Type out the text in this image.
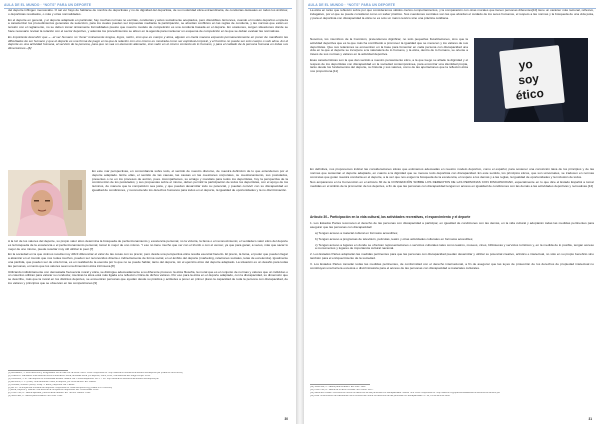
AULA DE EL MUNDO · “NOTS” PARA UN DEPORTE

del deporte inflingen menoscabo. O sal ver hays de hablarse de nombre de deportistas y no de dignidad del deportista, de su moderidad ética extraordinaria, de conductas desleales en todos los ámbitos; o deportistas resultados, o más y otras normalidades.

En el deporte en general, y el deporte adaptado en particular, hay muchas normas no escritas, conductas y actos socialmente aceptados, pero discutibles. Entonces, cuando el modelo deportivo empieza a caracterizar los procedimientos generales de selección, para los cuales pueden ser impuestas mediante la participación, se abordan conflictos en las reglas de conducta, y las normas que están en tensión con el reglamento, no se deben tomar únicamente formalidades puesto que nuestro modelo de competición es una conducta basada en el deporte. En ocasiones, surgen situaciones donde se hace necesario revisar la relación con el sector deportivo, y además los procedimientos se abren en la agenda para mantener un esquema de competición en la que se deban evaluar las normativas.

Es importante descubrir que «...el ser humano no “tiene” únicamente lengua, logos, razón, sino que es cuerpo y alma, alguien en cierta manera expuesto permanentemente en poner de manifiesto las dificultades de ser humano y que el deporte es una forma de juego en la que la relación con uno mismo es mostrada como ser espiritual-corporal, y el hombre no puede ser solo cuerpo o solo alma. Así el deporte es una actividad humana, al servicio de la persona, para que no sea un elemento alienante, sino valor en el mismo contexto de lo humano, y para el cuidado de la persona humana en todas sus dimensiones.»[6]

En este mar perspectivas, en concordancia sobre todo, el sentido de nuestro discurso, de nuestra definición de lo que entendemos por el deporte adaptado. Entre ellas, el sentido de las causas, las causas en las cuestiones corporales, su cuestionamiento, sus postulados, presentes o no en los procesos de acción, pues. Acompañamos, su arraigo y mandato para todos los deportistas, hoy la perspectiva de la construcción de los postulados; y sus propuestas sobre el mismo, deben permitir la participación de todos los deportistas, con el apoyo de los técnicos, de manera que la competición sea justa, y que puedan desarrollar todo su potencial, y puedan convivir con su discapacidad en igualdad de condiciones, y reconociendo los derechos humanos para todos en el deporte, la igualdad de oportunidades y la no discriminación.

A la luz de los valores del deporte, su propio valor ético determina la búsqueda de perfeccionamiento y excelencia personal, no la victoria, la fama o el reconocimiento; el verdadero valor ético del deporte es la búsqueda de la excelencia o el perfeccionamiento personal, tomar lo mejor de uno mismo. Y eso no tiene mucho que ver con el triunfo o con el vencer, ya que para ganar, a veces, más que sacar lo mejor de uno mismo, puede resultar muy útil utilizar lo peor.[7]

En la sociedad en la que vivimos resulta muy difícil diferenciar el valor de las cosas con su precio; pero desde una perspectiva ética resulta esencial hacerlo. El precio, la fama, el poder que pueden llegar a alcanzar en el mundo que nos rodea muchos, pueden ser reconocidos directa o indirectamente de forma social, en el ámbito del deporte (marketing, relaciones sociales, tetas de excelencia). Igualmente una pérdida, que pueden ser de otra forma, es en realidad de la esencia por lo que no se puede hablar, tanto del deporte, sin el ejercicio ético del deporte adaptado. La situación es un desafío para todas las personas, en tanto que los valores sean una dimensión ética intrínseca.[8]

Utilizando indistintamente con demasiada frecuencia moral y ética, se distingue adecuadamente a su diferente proceso: la ética filosofía, la moral que es el conjunto de normas y valores que un individuo o un colectivo utilizan para valorar su conducta; mientras la ética está más ligada a la reflexión crítica de dichos valores. Por eso para la ética en el deporte adaptado, con la discapacidad, su dimensión que se describe, más que la moral en los distintos deportes, se encuentran personas que ayudan desde su práctica y actitudes a poner en primer plano la capacidad de toda la persona con discapacidad, de los valores y principios que se observan en las competiciones.[9]

[1] BARBERO, J. «Los derechos y la dignidad». En EI DEPORTE ADAPTADO. 2008. Disponible en: http://www.arvo.net/documentos/archivo/deporte.pdf (citado el 09/05/2014)

[2] UNESCO: Manifiesto Internacional sobre la educación física, actividad física y el deporte, París, 2011, Internacional del Juego Limpio. 2011.

[3] CAGIGAL, J. M.: «El deporte en la sociedad actual». Madrid: Ed. Prensa Española. 1975. Y en: http://www.arvo.net/documentos/archivo/deporte.pdf

[4] ARNOLD, P. J. (1991): «La educación física, el deporte y el movimiento». Ed. Paidós.

[5] GOMEZ, Rodolfo (1994): «Cap. 1: Ética y deporte». Ed. Paidós.

[6] AA.VV.: «Perspectiva humana del deporte». Disponible en: www.olimpismo.org (citado el 17/05/2014)

[7] Ética, Deporte y Valores. «La ética de la competición deportiva». Ed. Universidad. 2010.

[8] CORTINA, A.: «Ética aplicada y democracia radical». Ed. Tecnos. Madrid. 1993.

[9] SAVATER, F.: «Ética para Amador». Ed. Ariel. 1991.

30
AULA DE EL MUNDO · “NOTS” PARA UN DEPORTE

La ética en tanto que reflexión sobre por qué consideramos válidos ciertos comportamientos, y la comparación con otras morales que tienen personas diferentes[10] tiene un carácter más racional, reflexivo, indagativo, por el que se puede considerar como un saber práctico. Sus cuestiones centrales son las que abordan el cuidado de los seres humanos, el respeto a las normas y la búsqueda de una vida justa, y para el deportista con discapacidad la ética no es solo un marco teórico sino una práctica cotidiana.

Nosotros, los miembros de la Comisión, pretendemos dignificar, no sólo pequeñas fiscalizaciones, sino que la actividad deportiva que es la que más ha contribuido a promover la igualdad que se merecen y los valores de sus deportistas. Que sus relaciones se encuentren en la base para fomentar en cada persona con discapacidad una vida en la que el deporte se incorpore a la naturaleza de lo humano, y la ética, dentro de lo humano, se oriente a través de sus normas y valores en la actividad deportiva.

Esas características son la que dan sentido a nuestro pensamiento ético, a la que luego se añade la dignidad y el respeto de los deportistas con discapacidad en la sociedad contemporánea, para encontrar una identidad propia, tanto desde los fundamentos del deporte, su historia y sus valores, como de las aportaciones que la reflexión ética nos proporciona.[11]	yo
soy
ético

En definitiva, nos proponemos indicar las consideraciones éticas que estimamos adecuadas en nuestro modelo deportivo, como el español, para sostener una convicción laica de los principios y de las normas que sustentan el deporte adaptado, en cuanto a la dignidad que se merece todo deportista con discapacidad. En este sentido, los principios éticos, que son universales, se traducen en normas concretas que guían nuestra conducta en el deporte, a la vez que nos exigen la búsqueda de la excelencia, el respeto a los demás y a las reglas, la igualdad de oportunidades y la inclusión de todos.

Nos amparamos en la Convención en el artículo 30 de la CONVENCIÓN SOBRE LOS DERECHOS DE LAS PERSONAS CON DISCAPACIDAD, especialmente en lo que dice el Estado Español a tomar medidas en el ámbito de la promoción de los deportes, a fin de que las personas con discapacidad tengan un acceso en igualdad de condiciones con las demás a las actividades deportivas y recreativas.[12]

Artículo 30.- Participación en la vida cultural, las actividades recreativas, el esparcimiento y el deporte

1. Los Estados Partes reconocen el derecho de las personas con discapacidad a participar, en igualdad de condiciones con las demás, en la vida cultural y adoptarán todas las medidas pertinentes para asegurar que las personas con discapacidad:

a) Tengan acceso a material cultural en formatos accesibles;

b) Tengan acceso a programas de televisión, películas, teatro y otras actividades culturales en formatos accesibles;

c) Tengan acceso a lugares en donde se ofrezcan representaciones o servicios culturales tales como teatros, museos, cines, bibliotecas y servicios turísticos y, en la medida de lo posible, tengan acceso a monumentos y lugares de importancia cultural nacional.

2. Los Estados Partes adoptarán las medidas pertinentes para que las personas con discapacidad puedan desarrollar y utilizar su potencial creativo, artístico e intelectual, no sólo en su propio beneficio sino también para el enriquecimiento de la sociedad.

3. Los Estados Partes tomarán todas las medidas pertinentes, de conformidad con el derecho internacional, a fin de asegurar que las leyes de protección de los derechos de propiedad intelectual no constituyan una barrera excesiva o discriminatoria para el acceso de las personas con discapacidad a materiales culturales.

[10] SAVATER, F.: «Ética para Amador». Ed. Ariel. 1991.

[11] CORTINA, A.: «Ética de la razón cordial». Ed. Nobel. 2007.

[12] Naciones Unidas: «Convención sobre los derechos de las personas con discapacidad». Nueva York. 2006. Disponible en: http://www.un.org/spanish/disabilities/convention/convention.pdf

[13] BOE: «Instrumento de Ratificación de la Convención sobre los derechos de las personas con discapacidad». Nº 96, 21 de abril de 2008.

31
